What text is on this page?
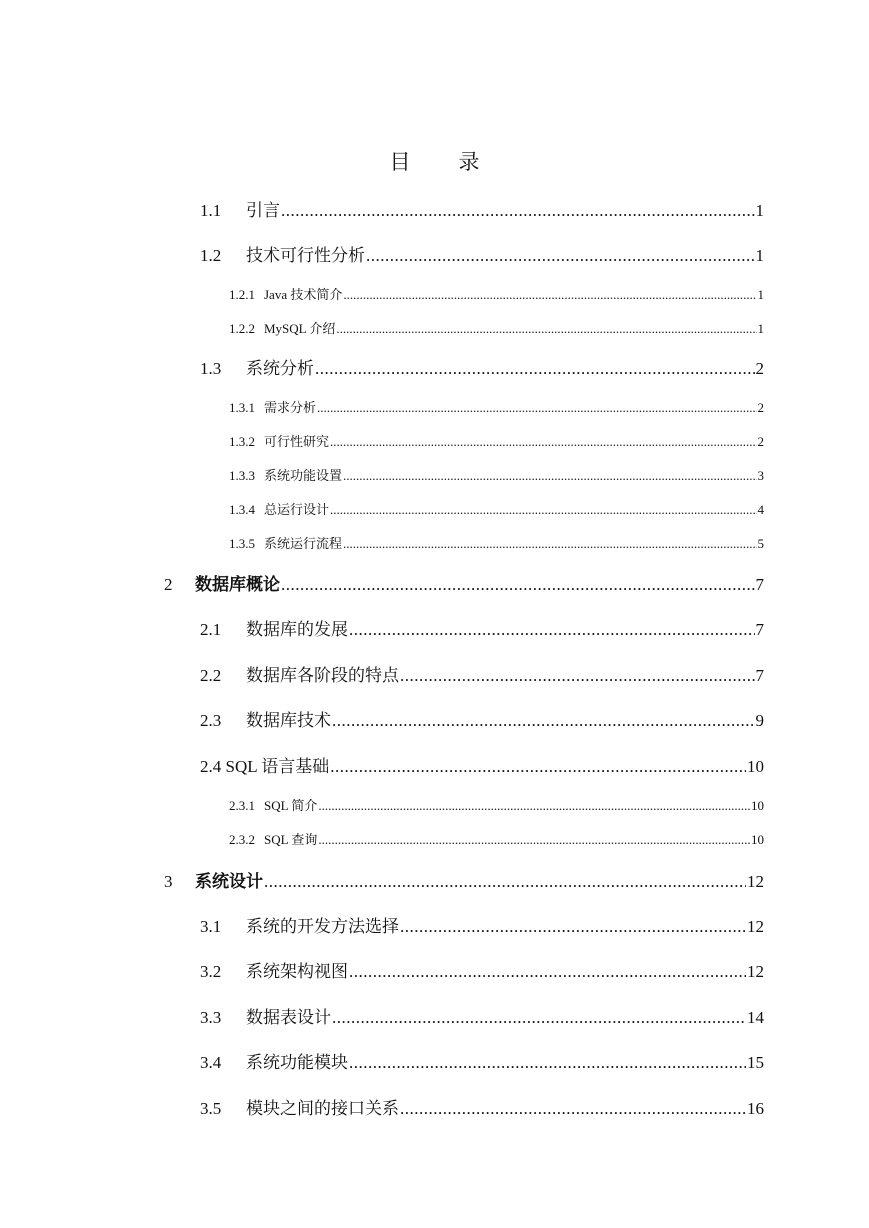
目 录
1.1	引言 .....	1
1.2	技术可行性分析 .....	1
1.2.1 Java 技术简介 .....	1
1.2.2 MySQL 介绍 .....	1
1.3	系统分析 .....	2
1.3.1 需求分析 .....	2
1.3.2 可行性研究 .....	2
1.3.3 系统功能设置 .....	3
1.3.4 总运行设计 .....	4
1.3.5 系统运行流程 .....	5
2	数据库概论 .....	7
2.1	数据库的发展 .....	7
2.2	数据库各阶段的特点 .....	7
2.3	数据库技术 .....	9
2.4 SQL 语言基础 .....	10
2.3.1 SQL 简介 .....	10
2.3.2 SQL 查询 .....	10
3	系统设计 .....	12
3.1	系统的开发方法选择 .....	12
3.2	系统架构视图 .....	12
3.3	数据表设计 .....	14
3.4	系统功能模块 .....	15
3.5	模块之间的接口关系 .....	16
